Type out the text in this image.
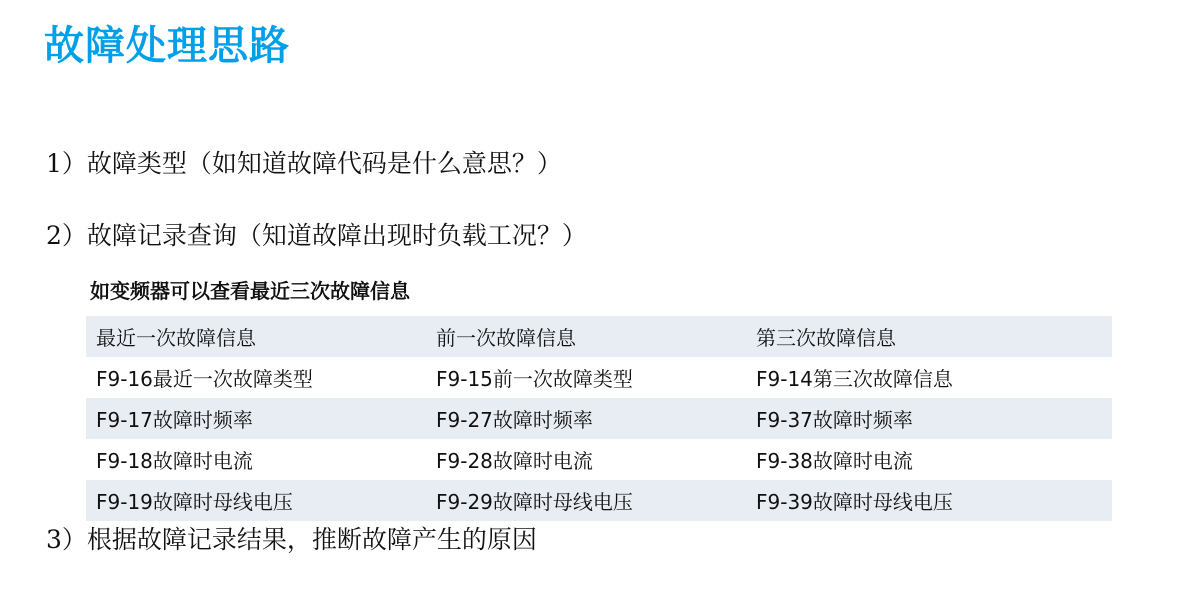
故障处理思路
1）故障类型（如知道故障代码是什么意思？）
2）故障记录查询（知道故障出现时负载工况？）
如变频器可以查看最近三次故障信息
最近一次故障信息	前一次故障信息	第三次故障信息
F9-16最近一次故障类型	F9-15前一次故障类型	F9-14第三次故障信息
F9-17故障时频率	F9-27故障时频率	F9-37故障时频率
F9-18故障时电流	F9-28故障时电流	F9-38故障时电流
F9-19故障时母线电压	F9-29故障时母线电压	F9-39故障时母线电压
3）根据故障记录结果，推断故障产生的原因
